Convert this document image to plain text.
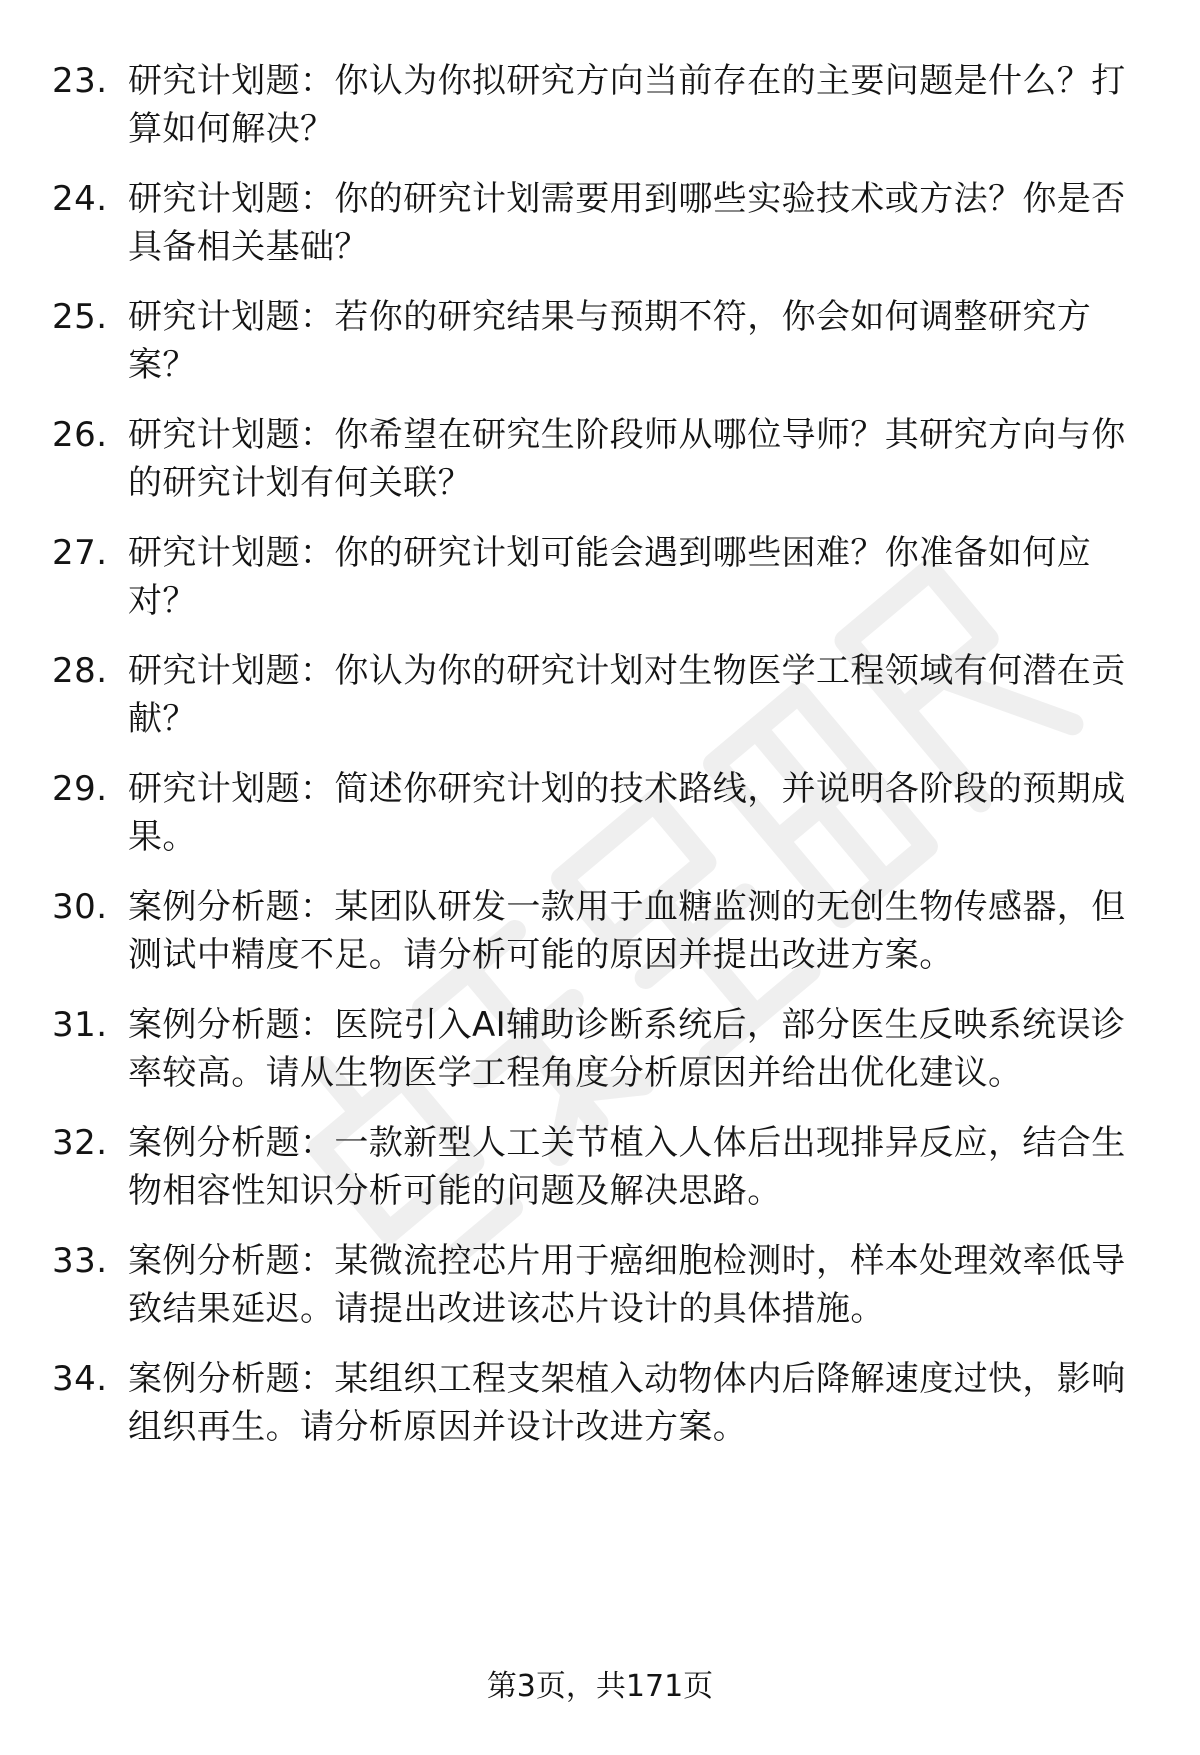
23. 研究计划题：你认为你拟研究方向当前存在的主要问题是什么？打算如何解决？
24. 研究计划题：你的研究计划需要用到哪些实验技术或方法？你是否具备相关基础？
25. 研究计划题：若你的研究结果与预期不符，你会如何调整研究方案？
26. 研究计划题：你希望在研究生阶段师从哪位导师？其研究方向与你的研究计划有何关联？
27. 研究计划题：你的研究计划可能会遇到哪些困难？你准备如何应对？
28. 研究计划题：你认为你的研究计划对生物医学工程领域有何潜在贡献？
29. 研究计划题：简述你研究计划的技术路线，并说明各阶段的预期成果。
30. 案例分析题：某团队研发一款用于血糖监测的无创生物传感器，但测试中精度不足。请分析可能的原因并提出改进方案。
31. 案例分析题：医院引入AI辅助诊断系统后，部分医生反映系统误诊率较高。请从生物医学工程角度分析原因并给出优化建议。
32. 案例分析题：一款新型人工关节植入人体后出现排异反应，结合生物相容性知识分析可能的问题及解决思路。
33. 案例分析题：某微流控芯片用于癌细胞检测时，样本处理效率低导致结果延迟。请提出改进该芯片设计的具体措施。
34. 案例分析题：某组织工程支架植入动物体内后降解速度过快，影响组织再生。请分析原因并设计改进方案。
第3页，共171页
